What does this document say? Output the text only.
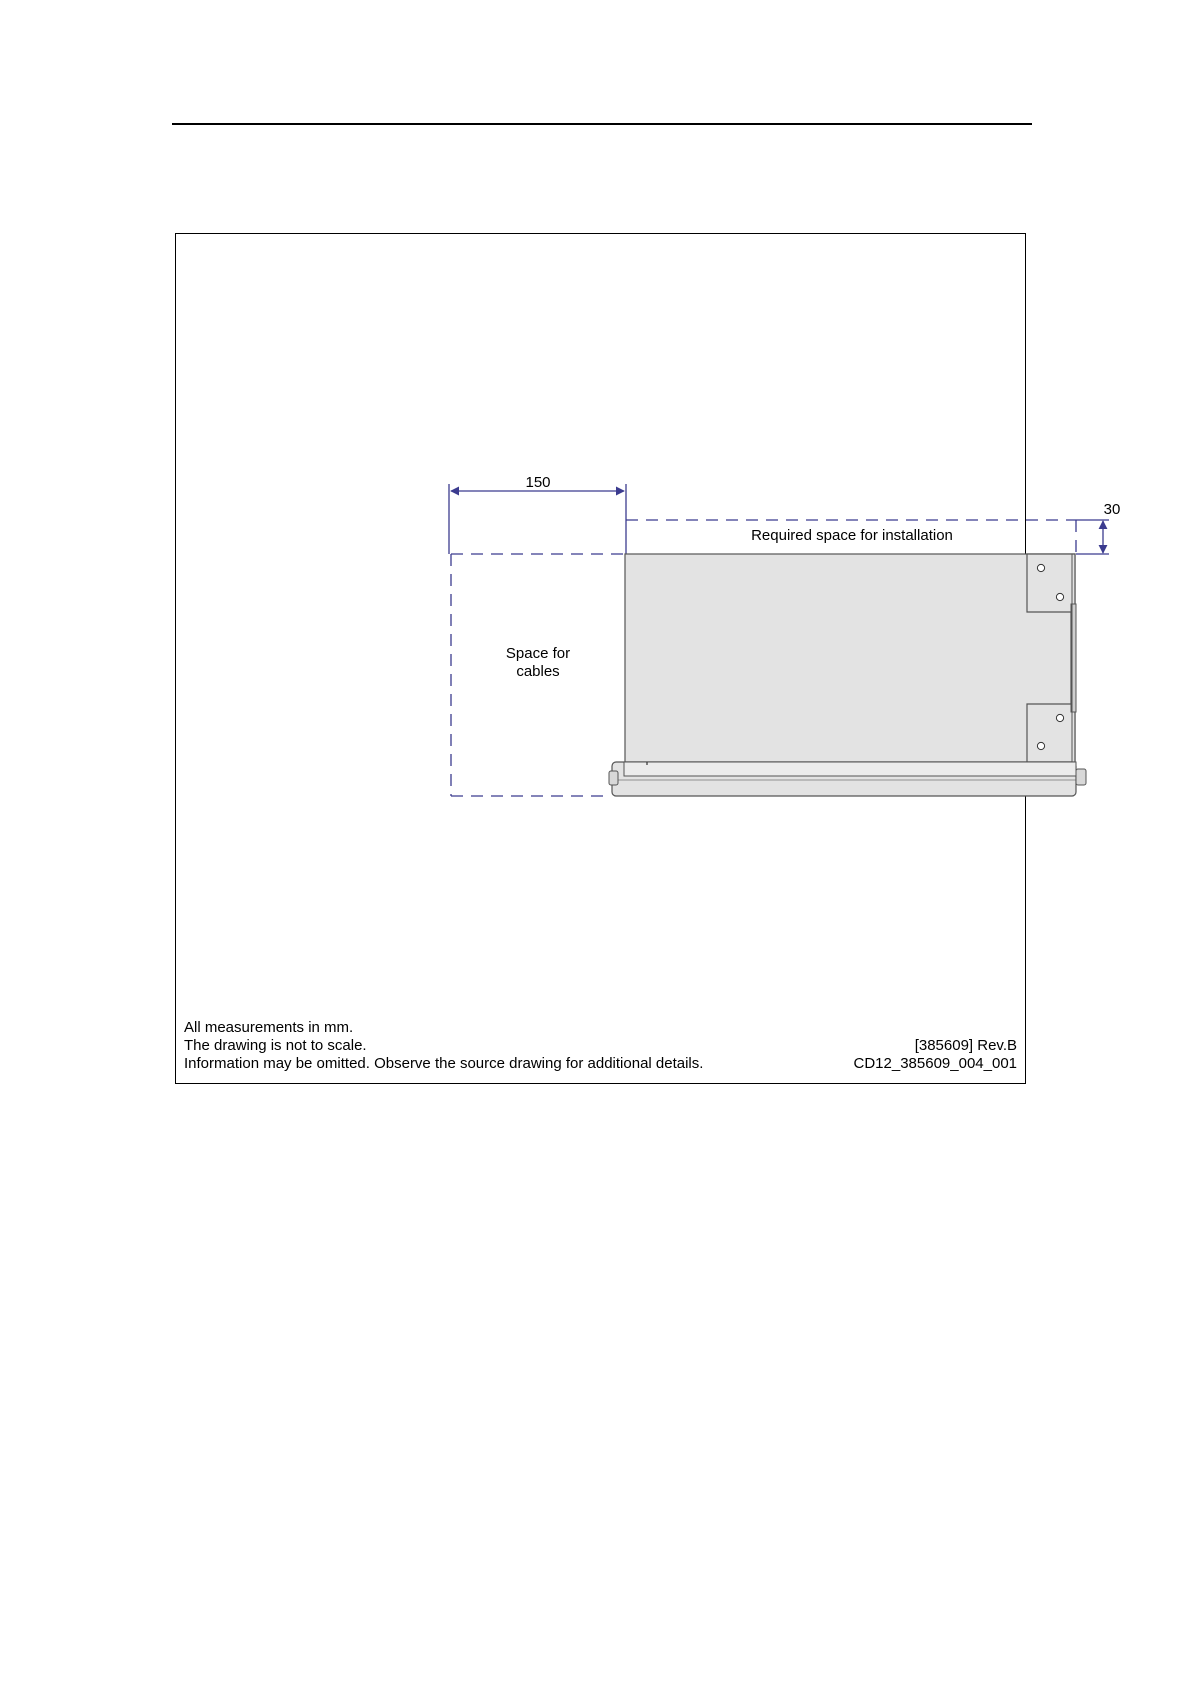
150
30
Required space for installation
Space for
cables
All measurements in mm.
The drawing is not to scale.
Information may be omitted. Observe the source drawing for additional details.
[385609] Rev.B
CD12_385609_004_001
